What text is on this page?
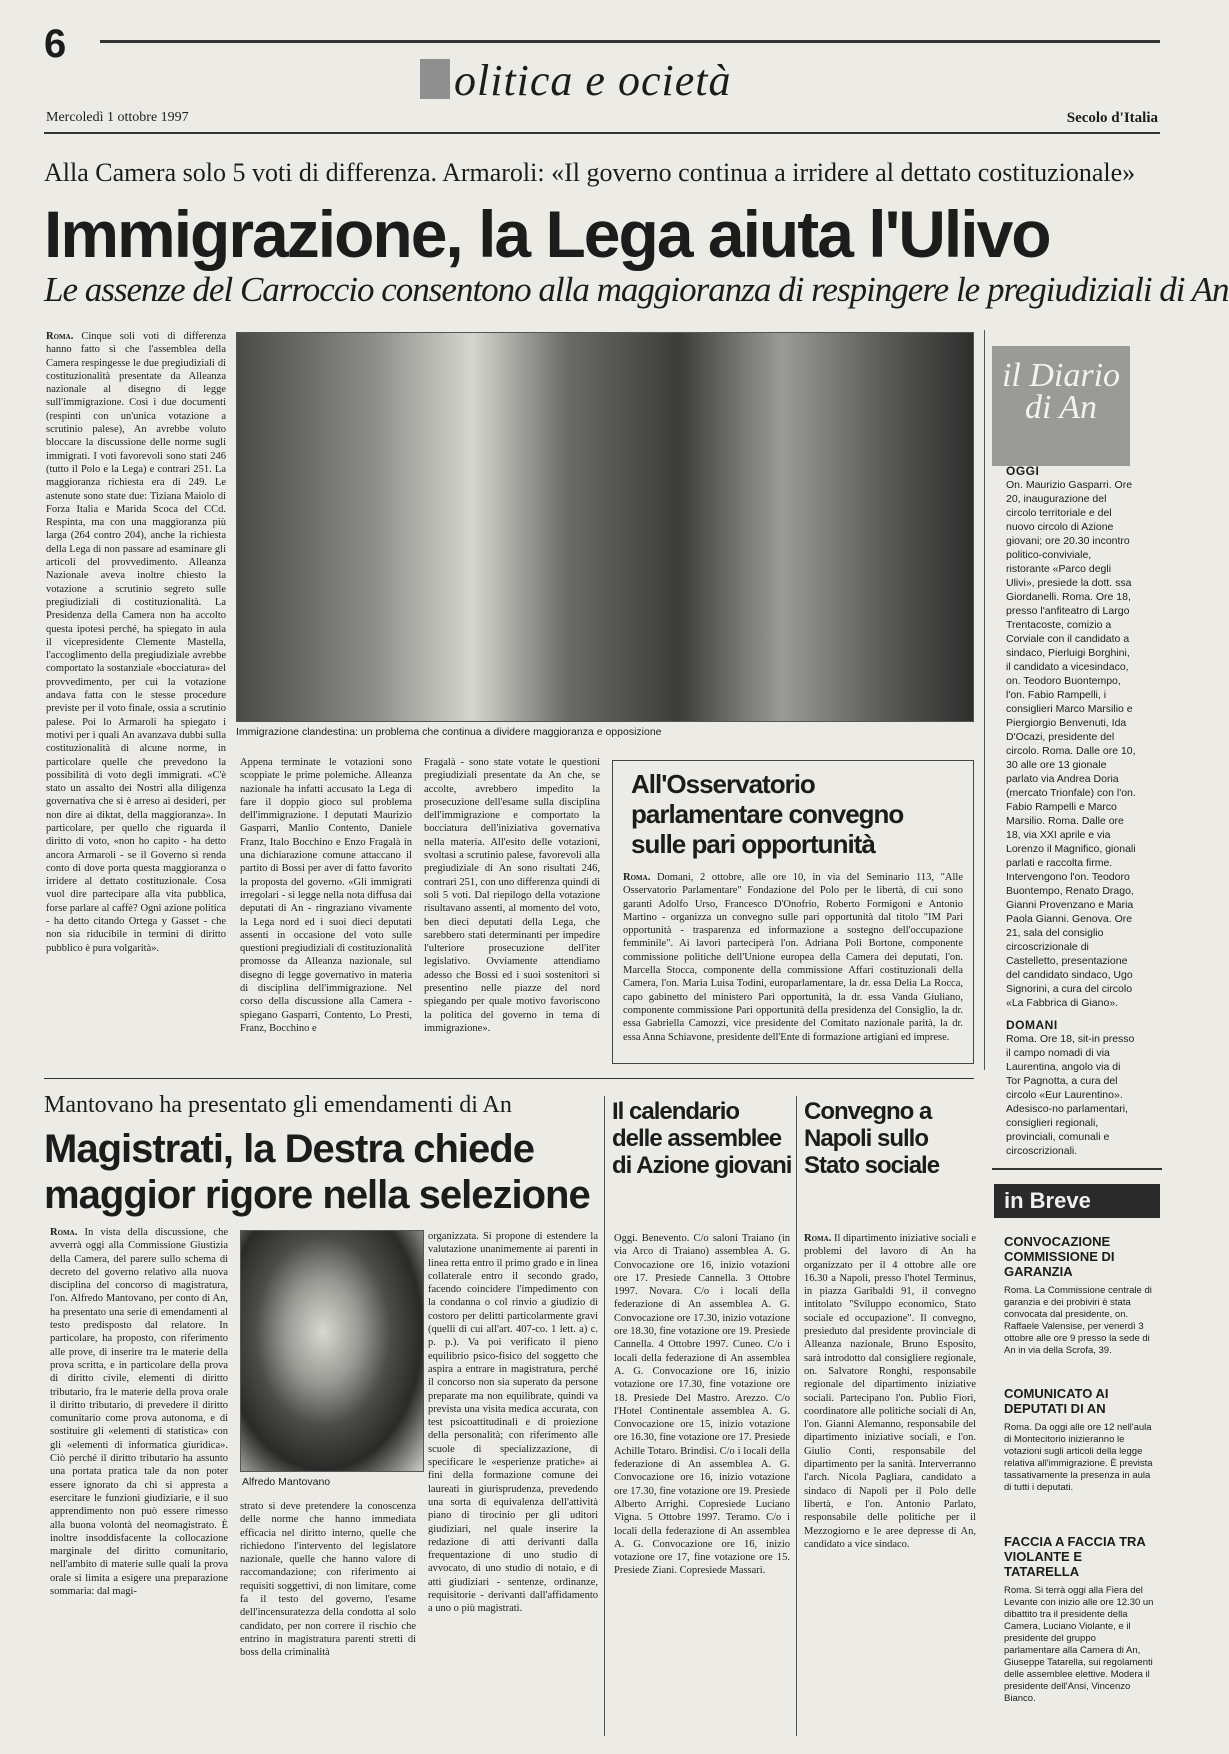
6
olitica e ocietà
Mercoledì 1 ottobre 1997	Secolo d'Italia
Alla Camera solo 5 voti di differenza. Armaroli: «Il governo continua a irridere al dettato costituzionale»
Immigrazione, la Lega aiuta l'Ulivo
Le assenze del Carroccio consentono alla maggioranza di respingere le pregiudiziali di An
Roma. Cinque soli voti di differenza hanno fatto sì che l'assemblea della Camera respingesse le due pregiudiziali di costituzionalità presentate da Alleanza nazionale al disegno di legge sull'immigrazione. Così i due documenti (respinti con un'unica votazione a scrutinio palese), An avrebbe voluto bloccare la discussione delle norme sugli immigrati. I voti favorevoli sono stati 246 (tutto il Polo e la Lega) e contrari 251. La maggioranza richiesta era di 249. Le astenute sono state due: Tiziana Maiolo di Forza Italia e Marida Scoca del CCd. Respinta, ma con una maggioranza più larga (264 contro 204), anche la richiesta della Lega di non passare ad esaminare gli articoli del provvedimento. Alleanza Nazionale aveva inoltre chiesto la votazione a scrutinio segreto sulle pregiudiziali di costituzionalità. La Presidenza della Camera non ha accolto questa ipotesi perché, ha spiegato in aula il vicepresidente Clemente Mastella, l'accoglimento della pregiudiziale avrebbe comportato la sostanziale «bocciatura» del provvedimento, per cui la votazione andava fatta con le stesse procedure previste per il voto finale, ossia a scrutinio palese. Poi lo Armaroli ha spiegato i motivi per i quali An avanzava dubbi sulla costituzionalità di alcune norme, in particolare quelle che prevedono la possibilità di voto degli immigrati. «C'è stato un assalto dei Nostri alla diligenza governativa che si è arreso ai desideri, per non dire ai diktat, della maggioranza». In particolare, per quello che riguarda il diritto di voto, «non ho capito - ha detto ancora Armaroli - se il Governo si renda conto di dove porta questa maggioranza o irridere al dettato costituzionale. Cosa vuol dire partecipare alla vita pubblica, forse parlare al caffè? Ogni azione politica - ha detto citando Ortega y Gasset - che non sia riducibile in termini di diritto pubblico è pura volgarità».
Immigrazione clandestina: un problema che continua a dividere maggioranza e opposizione
Appena terminate le votazioni sono scoppiate le prime polemiche. Alleanza nazionale ha infatti accusato la Lega di fare il doppio gioco sul problema dell'immigrazione. I deputati Maurizio Gasparri, Manlio Contento, Daniele Franz, Italo Bocchino e Enzo Fragalà in una dichiarazione comune attaccano il partito di Bossi per aver di fatto favorito la proposta del governo. «Gli immigrati irregolari - si legge nella nota diffusa dai deputati di An - ringraziano vivamente la Lega nord ed i suoi dieci deputati assenti in occasione del voto sulle questioni pregiudiziali di costituzionalità promosse da Alleanza nazionale, sul disegno di legge governativo in materia di disciplina dell'immigrazione. Nel corso della discussione alla Camera - spiegano Gasparri, Contento, Lo Presti, Franz, Bocchino e
Fragalà - sono state votate le questioni pregiudiziali presentate da An che, se accolte, avrebbero impedito la prosecuzione dell'esame sulla disciplina dell'immigrazione e comportato la bocciatura dell'iniziativa governativa nella materia. All'esito delle votazioni, svoltasi a scrutinio palese, favorevoli alla pregiudiziale di An sono risultati 246, contrari 251, con uno differenza quindi di soli 5 voti. Dal riepilogo della votazione risultavano assenti, al momento del voto, ben dieci deputati della Lega, che sarebbero stati determinanti per impedire l'ulteriore prosecuzione dell'iter legislativo. Ovviamente attendiamo adesso che Bossi ed i suoi sostenitori si presentino nelle piazze del nord spiegando per quale motivo favoriscono la politica del governo in tema di immigrazione».
All'Osservatorio parlamentare convegno sulle pari opportunità
Roma. Domani, 2 ottobre, alle ore 10, in via del Seminario 113, "Alle Osservatorio Parlamentare" Fondazione del Polo per le libertà, di cui sono garanti Adolfo Urso, Francesco D'Onofrio, Roberto Formigoni e Antonio Martino - organizza un convegno sulle pari opportunità dal titolo "IM Pari opportunità - trasparenza ed informazione a sostegno dell'occupazione femminile". Ai lavori parteciperà l'on. Adriana Poli Bortone, componente commissione politiche dell'Unione europea della Camera dei deputati, l'on. Marcella Stocca, componente della commissione Affari costituzionali della Camera, l'on. Maria Luisa Todini, europarlamentare, la dr. essa Delia La Rocca, capo gabinetto del ministero Pari opportunità, la dr. essa Vanda Giuliano, componente commissione Pari opportunità della presidenza del Consiglio, la dr. essa Gabriella Camozzi, vice presidente del Comitato nazionale parità, la dr. essa Anna Schiavone, presidente dell'Ente di formazione artigiani ed imprese.
il Diario di An
OGGI
On. Maurizio Gasparri. Ore 20, inaugurazione del circolo territoriale e del nuovo circolo di Azione giovani; ore 20.30 incontro politico-conviviale, ristorante «Parco degli Ulivi», presiede la dott. ssa Giordanelli. Roma. Ore 18, presso l'anfiteatro di Largo Trentacoste, comizio a Corviale con il candidato a sindaco, Pierluigi Borghini, il candidato a vicesindaco, on. Teodoro Buontempo, l'on. Fabio Rampelli, i consiglieri Marco Marsilio e Piergiorgio Benvenuti, Ida D'Ocazi, presidente del circolo. Roma. Dalle ore 10, 30 alle ore 13 gionale parlato via Andrea Doria (mercato Trionfale) con l'on. Fabio Rampelli e Marco Marsilio. Roma. Dalle ore 18, via XXI aprile e via Lorenzo il Magnifico, gionali parlati e raccolta firme. Intervengono l'on. Teodoro Buontempo, Renato Drago, Gianni Provenzano e Maria Paola Gianni. Genova. Ore 21, sala del consiglio circoscrizionale di Castelletto, presentazione del candidato sindaco, Ugo Signorini, a cura del circolo «La Fabbrica di Giano».
DOMANI
Roma. Ore 18, sit-in presso il campo nomadi di via Laurentina, angolo via di Tor Pagnotta, a cura del circolo «Eur Laurentino». Adesisco-no parlamentari, consiglieri regionali, provinciali, comunali e circoscrizionali.
Mantovano ha presentato gli emendamenti di An
Magistrati, la Destra chiede maggior rigore nella selezione
Roma. In vista della discussione, che avverrà oggi alla Commissione Giustizia della Camera, del parere sullo schema di decreto del governo relativo alla nuova disciplina del concorso di magistratura, l'on. Alfredo Mantovano, per conto di An, ha presentato una serie di emendamenti al testo predisposto dal relatore. In particolare, ha proposto, con riferimento alle prove, di inserire tra le materie della prova scritta, e in particolare della prova di diritto civile, elementi di diritto tributario, fra le materie della prova orale il diritto tributario, di prevedere il diritto comunitario come prova autonoma, e di sostituire gli «elementi di statistica» con gli «elementi di informatica giuridica». Ciò perché il diritto tributario ha assunto una portata pratica tale da non poter essere ignorato da chi si appresta a esercitare le funzioni giudiziarie, e il suo apprendimento non può essere rimesso alla buona volontà del neomagistrato. È inoltre insoddisfacente la collocazione marginale del diritto comunitario, nell'ambito di materie sulle quali la prova orale si limita a esigere una preparazione sommaria: dal magi-
Alfredo Mantovano
strato si deve pretendere la conoscenza delle norme che hanno immediata efficacia nel diritto interno, quelle che richiedono l'intervento del legislatore nazionale, quelle che hanno valore di raccomandazione; con riferimento ai requisiti soggettivi, di non limitare, come fa il testo del governo, l'esame dell'incensuratezza della condotta al solo candidato, per non correre il rischio che entrino in magistratura parenti stretti di boss della criminalità
organizzata. Si propone di estendere la valutazione unanimemente ai parenti in linea retta entro il primo grado e in linea collaterale entro il secondo grado, facendo coincidere l'impedimento con la condanna o col rinvio a giudizio di costoro per delitti particolarmente gravi (quelli di cui all'art. 407-co. 1 lett. a) c. p. p.). Va poi verificato il pieno equilibrio psico-fisico del soggetto che aspira a entrare in magistratura, perché il concorso non sia superato da persone preparate ma non equilibrate, quindi va prevista una visita medica accurata, con test psicoattitudinali e di proiezione della personalità; con riferimento alle scuole di specializzazione, di specificare le «esperienze pratiche» ai fini della formazione comune dei laureati in giurisprudenza, prevedendo una sorta di equivalenza dell'attività piano di tirocinio per gli uditori giudiziari, nel quale inserire la redazione di atti derivanti dalla frequentazione di uno studio di avvocato, di uno studio di notaio, e di atti giudiziari - sentenze, ordinanze, requisitorie - derivanti dall'affidamento a uno o più magistrati.
Il calendario delle assemblee di Azione giovani
Oggi. Benevento. C/o saloni Traiano (in via Arco di Traiano) assemblea A. G. Convocazione ore 16, inizio votazioni ore 17. Presiede Cannella. 3 Ottobre 1997. Novara. C/o i locali della federazione di An assemblea A. G. Convocazione ore 17.30, inizio votazione ore 18.30, fine votazione ore 19. Presiede Cannella. 4 Ottobre 1997. Cuneo. C/o i locali della federazione di An assemblea A. G. Convocazione ore 16, inizio votazione ore 17.30, fine votazione ore 18. Presiede Del Mastro. Arezzo. C/o l'Hotel Continentale assemblea A. G. Convocazione ore 15, inizio votazione ore 16.30, fine votazione ore 17. Presiede Achille Totaro. Brindisi. C/o i locali della federazione di An assemblea A. G. Convocazione ore 16, inizio votazione ore 17.30, fine votazione ore 19. Presiede Alberto Arrighi. Copresiede Luciano Vigna. 5 Ottobre 1997. Teramo. C/o i locali della federazione di An assemblea A. G. Convocazione ore 16, inizio votazione ore 17, fine votazione ore 15. Presiede Ziani. Copresiede Massari.
Convegno a Napoli sullo Stato sociale
Roma. Il dipartimento iniziative sociali e problemi del lavoro di An ha organizzato per il 4 ottobre alle ore 16.30 a Napoli, presso l'hotel Terminus, in piazza Garibaldi 91, il convegno intitolato "Sviluppo economico, Stato sociale ed occupazione". Il convegno, presieduto dal presidente provinciale di Alleanza nazionale, Bruno Esposito, sarà introdotto dal consigliere regionale, on. Salvatore Ronghi, responsabile regionale del dipartimento iniziative sociali. Partecipano l'on. Publio Fiori, coordinatore alle politiche sociali di An, l'on. Gianni Alemanno, responsabile del dipartimento iniziative sociali, e l'on. Giulio Conti, responsabile del dipartimento per la sanità. Interverranno l'arch. Nicola Pagliara, candidato a sindaco di Napoli per il Polo delle libertà, e l'on. Antonio Parlato, responsabile delle politiche per il Mezzogiorno e le aree depresse di An, candidato a vice sindaco.
in Breve
CONVOCAZIONE COMMISSIONE DI GARANZIA
Roma. La Commissione centrale di garanzia e dei probiviri è stata convocata dal presidente, on. Raffaele Valensise, per venerdì 3 ottobre alle ore 9 presso la sede di An in via della Scrofa, 39.
COMUNICATO AI DEPUTATI DI AN
Roma. Da oggi alle ore 12 nell'aula di Montecitorio inizieranno le votazioni sugli articoli della legge relativa all'immigrazione. È prevista tassativamente la presenza in aula di tutti i deputati.
FACCIA A FACCIA TRA VIOLANTE E TATARELLA
Roma. Si terrà oggi alla Fiera del Levante con inizio alle ore 12.30 un dibattito tra il presidente della Camera, Luciano Violante, e il presidente del gruppo parlamentare alla Camera di An, Giuseppe Tatarella, sui regolamenti delle assemblee elettive. Modera il presidente dell'Ansi, Vincenzo Bianco.
